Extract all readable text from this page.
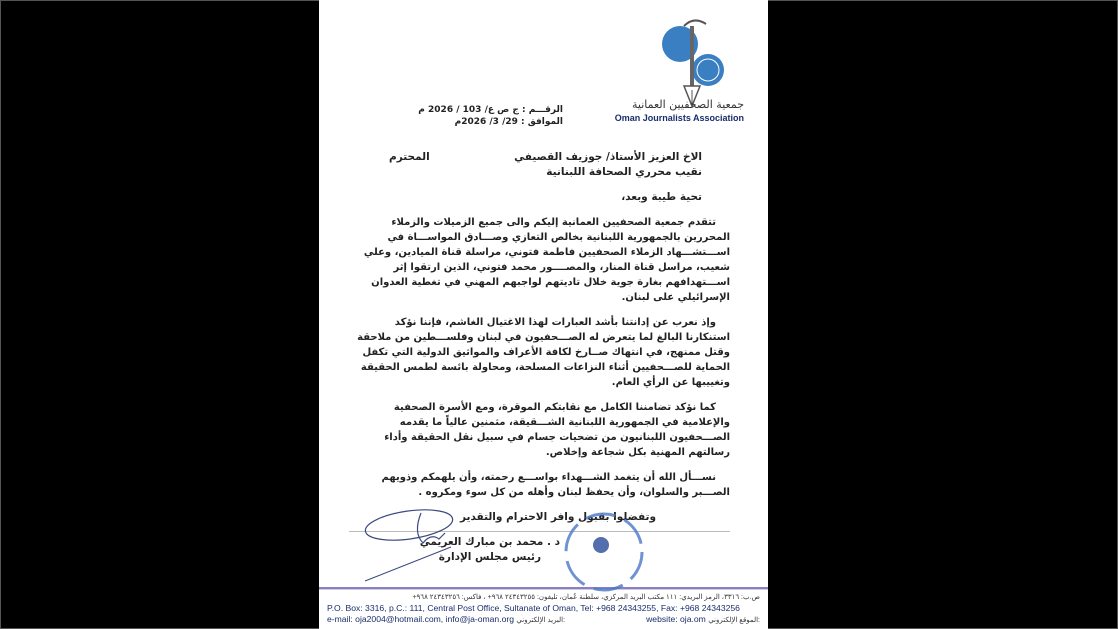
جمعية الصحفيين العمانية
Oman Journalists Association
الرقـــم : ج ص ع/ 103 / 2026 م
الموافق : 29/ 3/ 2026م
الاخ العزيز الأستاذ/ جوزيف القصيفي
نقيب محرري الصحافة اللبنانية
المحترم
تحية طيبة وبعد،
تتقدم جمعية الصحفيين العمانية إليكم والى جميع الزميلات والزملاء المحررين بالجمهورية اللبنانية بخالص التعازي وصـــادق المواســـاة في اســـتشـــهاد الزملاء الصحفيين فاطمة فتوني، مراسلة قناة الميادين، وعلي شعيب، مراسل قناة المنار، والمصــــور محمد فتوني، الذين ارتقوا إثر اســـتهدافهم بغارة جوية خلال تاديتهم لواجبهم المهني في تغطية العدوان الإسرائيلي على لبنان.
وإذ نعرب عن إدانتنا بأشد العبارات لهذا الاغتيال الغاشم، فإننا نؤكد استنكارنا البالغ لما يتعرض له الصـــحفيون في لبنان وفلســـطين من ملاحقة وقتل ممنهج، في انتهاك صــارخ لكافة الأعراف والمواثيق الدولية التي تكفل الحماية للصـــحفيين أثناء النزاعات المسلحة، ومحاولة بائسة لطمس الحقيقة وتغييبها عن الرأي العام.
كما نؤكد تضامننا الكامل مع نقابتكم الموقرة، ومع الأسرة الصحفية والإعلامية في الجمهورية اللبنانية الشـــقيقة، مثمنين عالياً ما يقدمه الصـــحفيون اللبنانيون من تضحيات جسام في سبيل نقل الحقيقة وأداء رسالتهم المهنية بكل شجاعة وإخلاص.
نســـأل الله أن يتغمد الشـــهداء بواســـع رحمته، وأن يلهمكم وذويهم الصـــبر والسلوان، وأن يحفظ لبنان وأهله من كل سوء ومكروه .
وتفضلوا بقبول وافر الاحترام والتقدير
د . محمد بن مبارك العريمي
رئيس مجلس الإدارة
ص.ب: ٣٣١٦، الرمز البريدي: ١١١ مكتب البريد المركزي، سلطنة عُمان، تليفون: ٢٤٣٤٣٢٥٥ ٩٦٨+ ، فاكس: ٢٤٣٤٣٢٥٦ ٩٦٨+
P.O. Box: 3316, p.C.: 111, Central Post Office, Sultanate of Oman, Tel: +968 24343255, Fax: +968 24343256
e-mail: oja2004@hotmail.com, info@ja-oman.org البريد الإلكتروني:	website: oja.om الموقع الإلكتروني:
